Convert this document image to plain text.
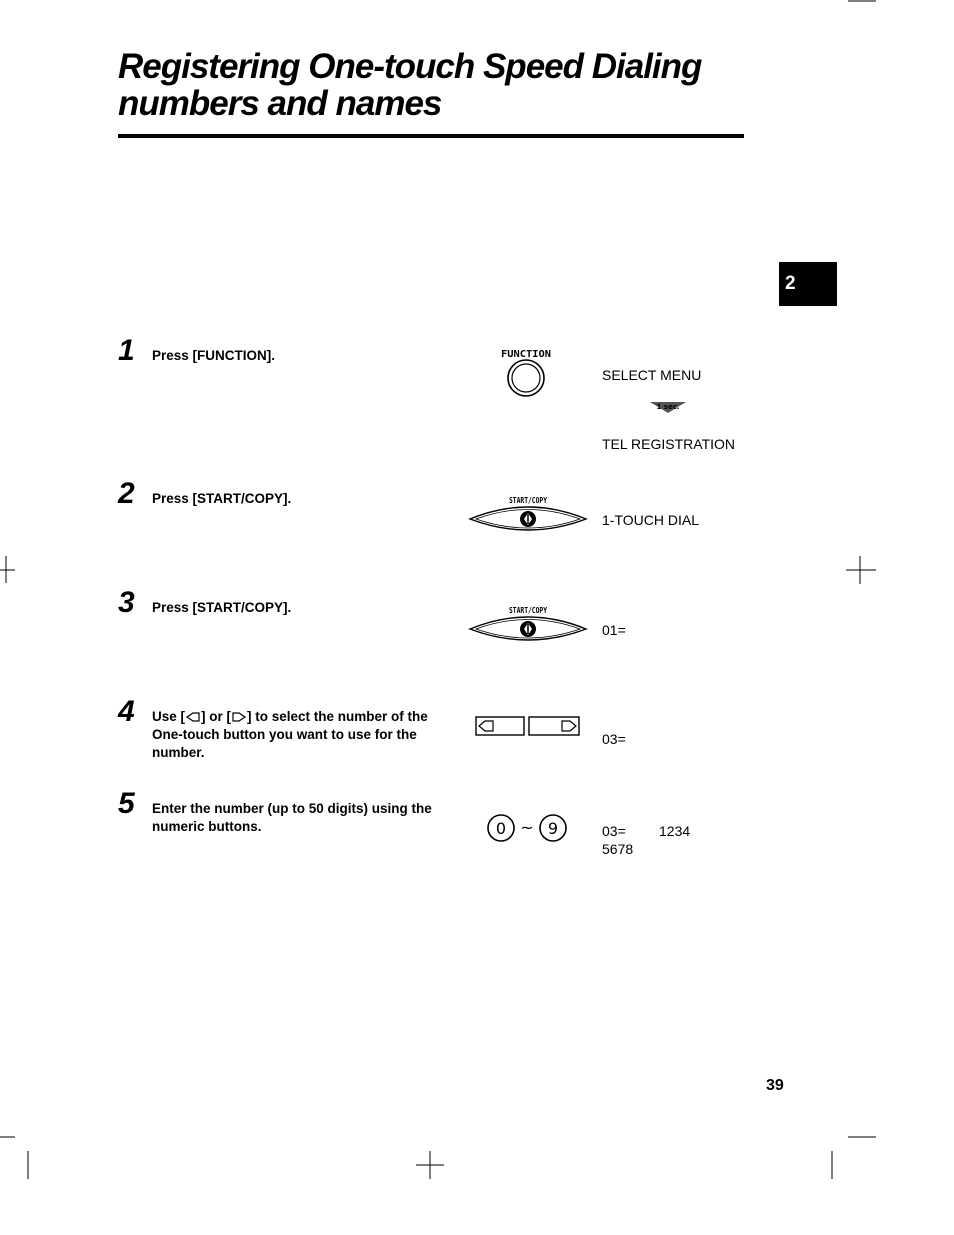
Registering One-touch Speed Dialing
numbers and names
2
1 Press [FUNCTION].	FUNCTION
SELECT MENU
1 sec.
TEL REGISTRATION
2 Press [START/COPY].	START/COPY
1-TOUCH DIAL
3 Press [START/COPY].	START/COPY
01=
4 Use [ ] or [ ] to select the number of the One-touch button you want to use for the number.
03=
5 Enter the number (up to 50 digits) using the numeric buttons.	0 ~ 9	03= 1234
5678
39
